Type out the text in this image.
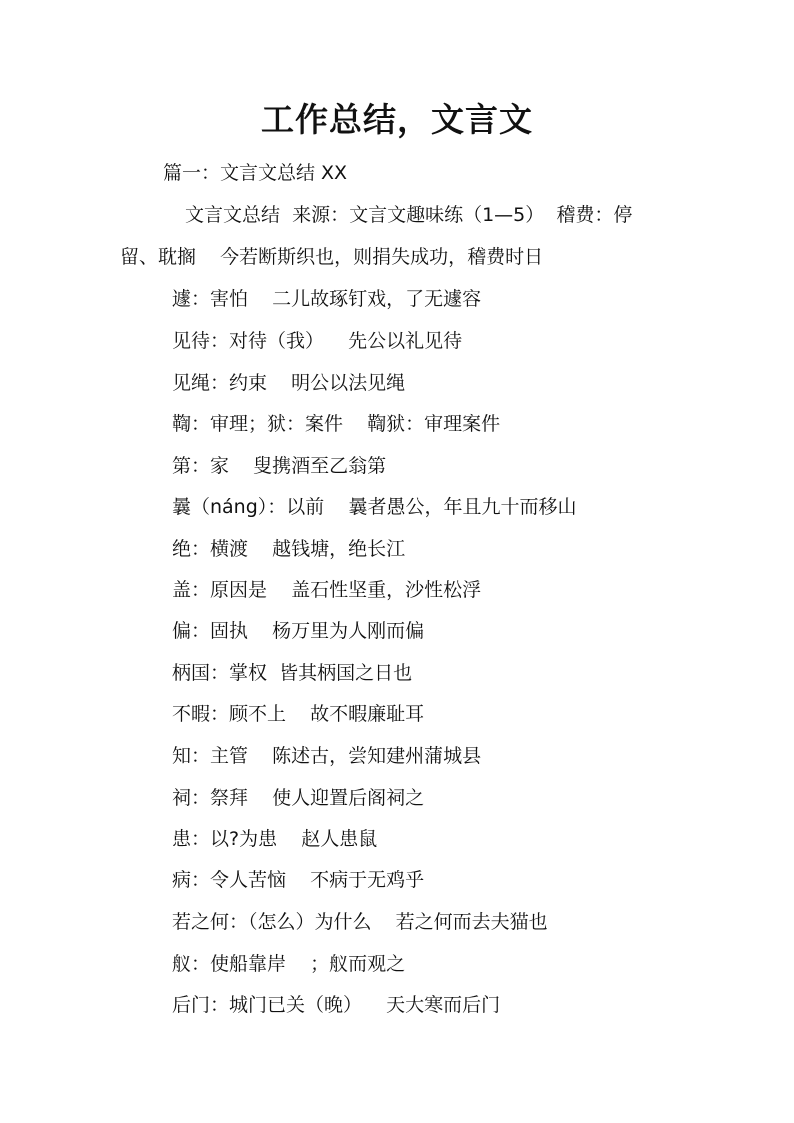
工作总结，文言文

篇一：文言文总结 XX

文言文总结  来源：文言文趣味练（1—5）  稽费：停

留、耽搁    今若断斯织也，则捐失成功，稽费时日

遽：害怕    二儿故琢钉戏，了无遽容

见待：对待（我）    先公以礼见待

见绳：约束    明公以法见绳

鞫：审理；狱：案件    鞫狱：审理案件

第：家    叟携酒至乙翁第

曩（náng）：以前    曩者愚公，年且九十而移山

绝：横渡    越钱塘，绝长江

盖：原因是    盖石性坚重，沙性松浮

偏：固执    杨万里为人刚而偏

柄国：掌权  皆其柄国之日也

不暇：顾不上    故不暇廉耻耳

知：主管    陈述古，尝知建州蒲城县

祠：祭拜    使人迎置后阁祠之

患：以?为患    赵人患鼠

病：令人苦恼    不病于无鸡乎

若之何：（怎么）为什么    若之何而去夫猫也

舣：使船靠岸    ；舣而观之

后门：城门已关（晚）    天大寒而后门
